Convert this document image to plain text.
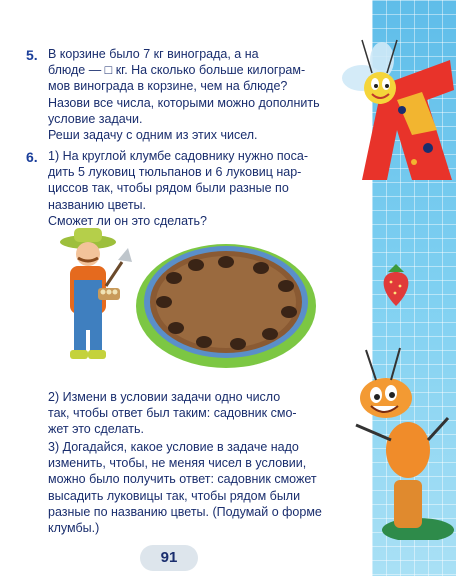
5. В корзине было 7 кг винограда, а на

блюде — □ кг. На сколько больше килограм-

мов винограда в корзине, чем на блюде?

Назови все числа, которыми можно дополнить

условие задачи.

Реши задачу с одним из этих чисел.

6. 1) На круглой клумбе садовнику нужно поса-

дить 5 луковиц тюльпанов и 6 луковиц нар-

циссов так, чтобы рядом были разные по

названию цветы.

Сможет ли он это сделать?

2) Измени в условии задачи одно число

так, чтобы ответ был таким: садовник смо-

жет это сделать.

3) Догадайся, какое условие в задаче надо

изменить, чтобы, не меняя чисел в условии,

можно было получить ответ: садовник сможет

высадить луковицы так, чтобы рядом были

разные по названию цветы. (Подумай о форме

клумбы.)

91
